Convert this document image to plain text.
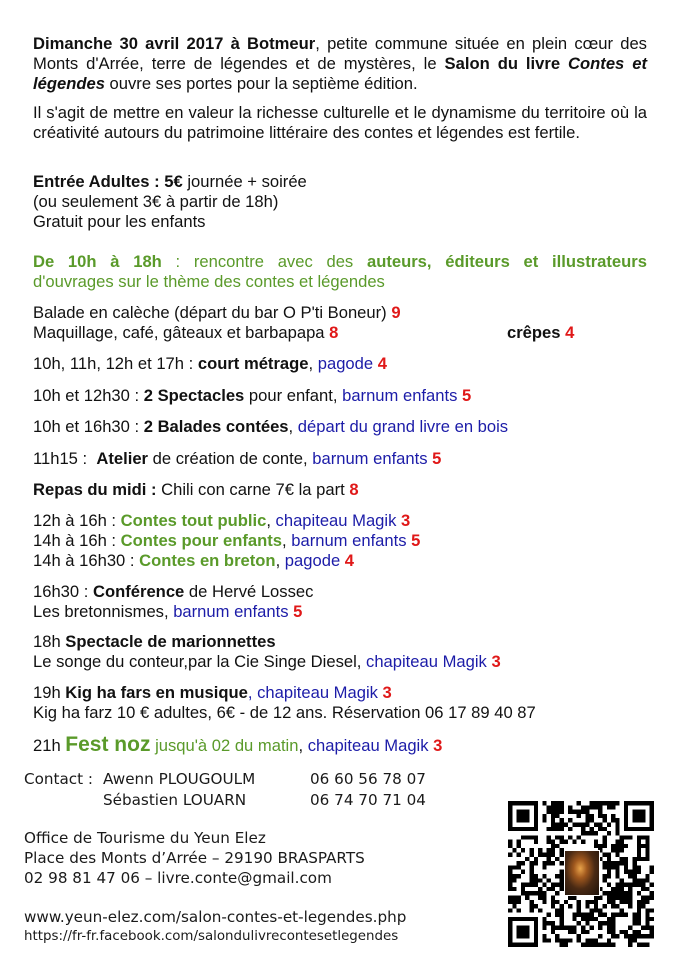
Dimanche 30 avril 2017 à Botmeur, petite commune située en plein cœur des Monts d'Arrée, terre de légendes et de mystères, le Salon du livre Contes et légendes ouvre ses portes pour la septième édition.
Il s'agit de mettre en valeur la richesse culturelle et le dynamisme du territoire où la créativité autours du patrimoine littéraire des contes et légendes est fertile.
Entrée Adultes : 5€ journée + soirée
(ou seulement 3€ à partir de 18h)
Gratuit pour les enfants
De 10h à 18h : rencontre avec des auteurs, éditeurs et illustrateurs
d'ouvrages sur le thème des contes et légendes
Balade en calèche (départ du bar O P'ti Boneur) 9
Maquillage, café, gâteaux et barbapapa 8	crêpes 4
10h, 11h, 12h et 17h : court métrage, pagode 4
10h et 12h30 : 2 Spectacles pour enfant, barnum enfants 5
10h et 16h30 : 2 Balades contées, départ du grand livre en bois
11h15 :  Atelier de création de conte, barnum enfants 5
Repas du midi : Chili con carne 7€ la part 8
12h à 16h : Contes tout public, chapiteau Magik 3
14h à 16h : Contes pour enfants, barnum enfants 5
14h à 16h30 : Contes en breton, pagode 4
16h30 : Conférence de Hervé Lossec
Les bretonnismes, barnum enfants 5
18h Spectacle de marionnettes
Le songe du conteur,par la Cie Singe Diesel, chapiteau Magik 3
19h Kig ha fars en musique, chapiteau Magik 3
Kig ha farz 10 € adultes, 6€ - de 12 ans. Réservation 06 17 89 40 87
21h Fest noz jusqu'à 02 du matin, chapiteau Magik 3
Contact : Awenn PLOUGOULM	06 60 56 78 07
Sébastien LOUARN	06 74 70 71 04
Office de Tourisme du Yeun Elez
Place des Monts d’Arrée – 29190 BRASPARTS
02 98 81 47 06 – livre.conte@gmail.com
www.yeun-elez.com/salon-contes-et-legendes.php
https://fr-fr.facebook.com/salondulivrecontesetlegendes
